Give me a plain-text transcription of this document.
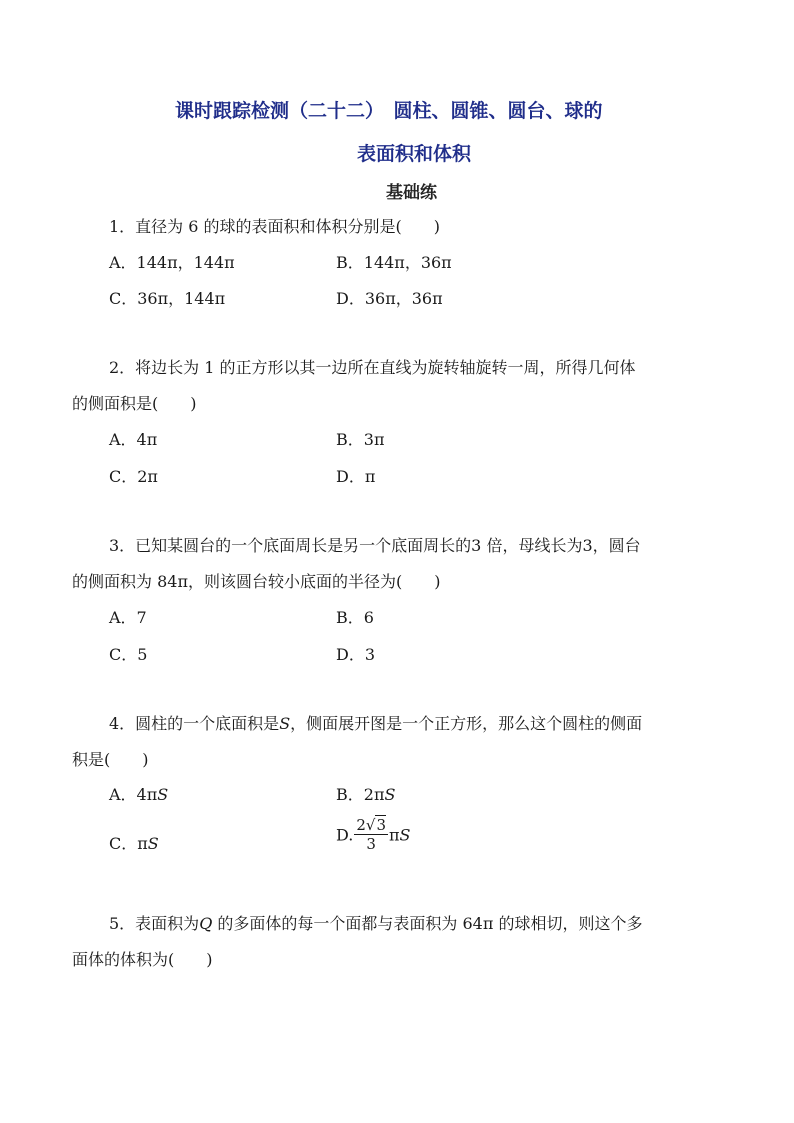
课时跟踪检测（二十二）　圆柱、圆锥、圆台、球的
表面积和体积
基础练
1．直径为 6 的球的表面积和体积分别是(　　)
A．144π，144π	B．144π，36π
C．36π，144π	D．36π，36π
2．将边长为 1 的正方形以其一边所在直线为旋转轴旋转一周，所得几何体
的侧面积是(　　)
A．4π	B．3π
C．2π	D．π
3．已知某圆台的一个底面周长是另一个底面周长的3 倍，母线长为3，圆台
的侧面积为 84π，则该圆台较小底面的半径为(　　)
A．7	B．6
C．5	D．3
4．圆柱的一个底面积是S，侧面展开图是一个正方形，那么这个圆柱的侧面
积是(　　)
A．4πS	B．2πS
C．πS	D. $\frac{2√3}{3}$ πS
5．表面积为Q 的多面体的每一个面都与表面积为 64π 的球相切，则这个多
面体的体积为(　　)
